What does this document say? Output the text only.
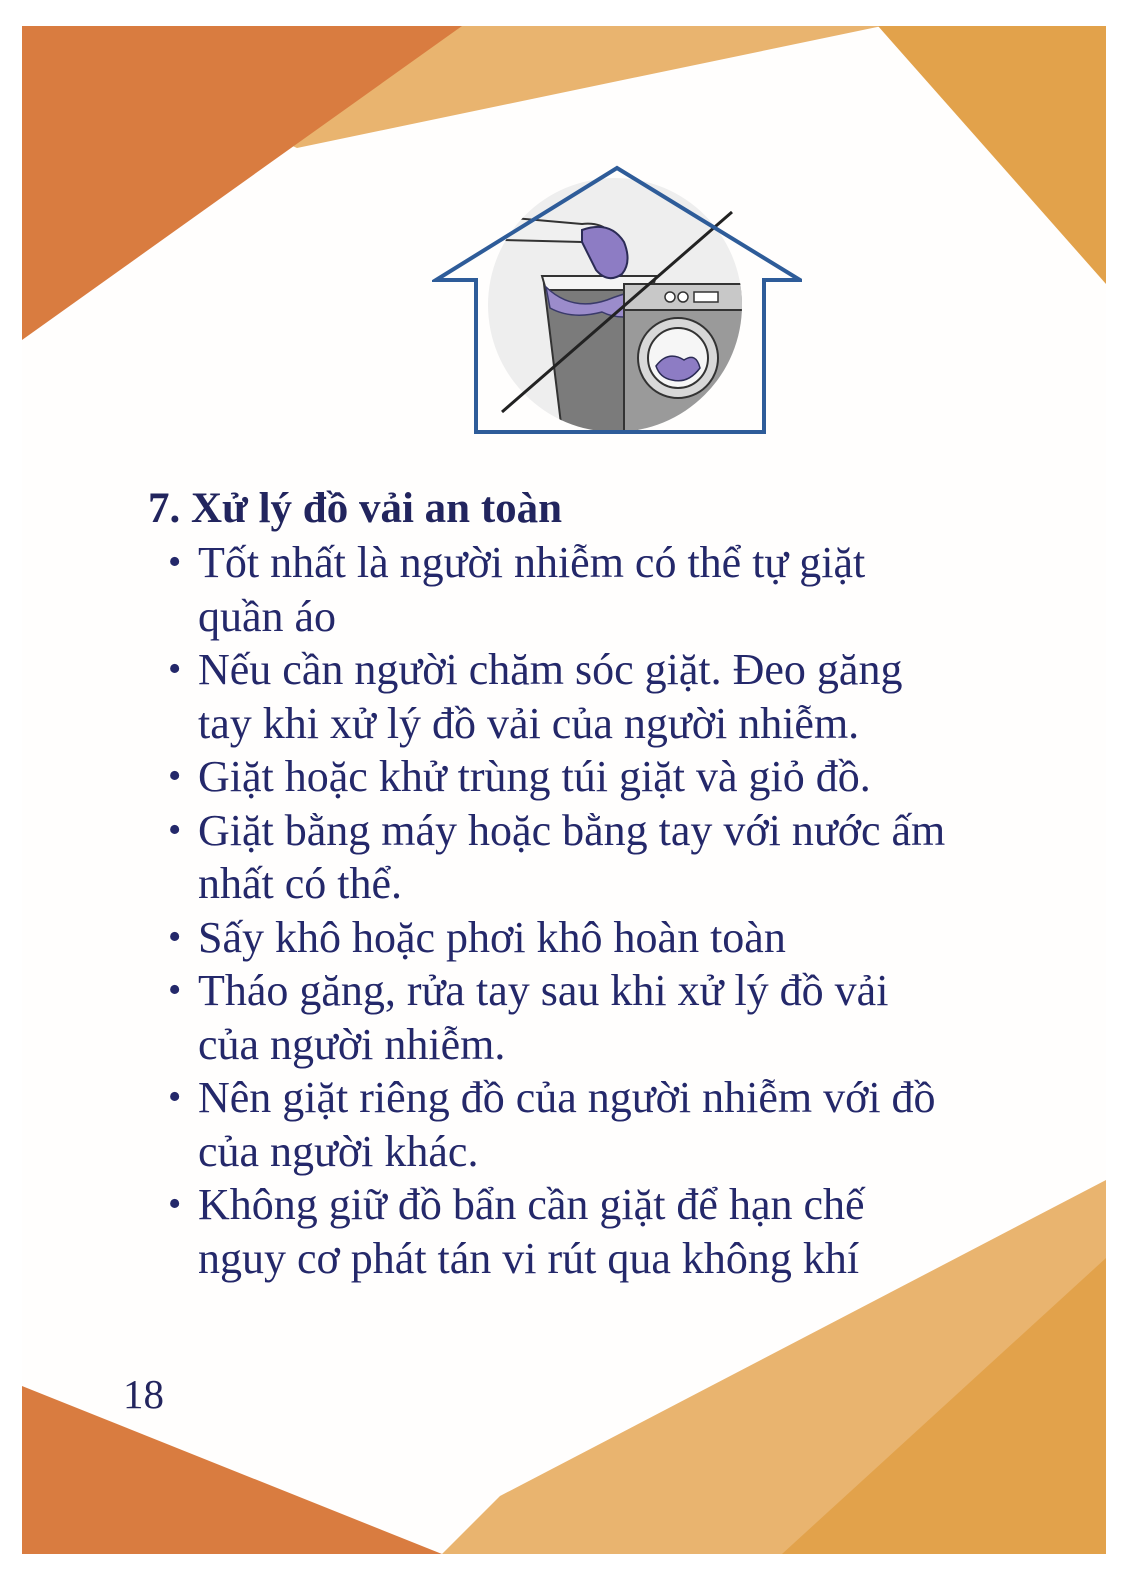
7. Xử lý đồ vải an toàn
• Tốt nhất là người nhiễm có thể tự giặt quần áo
• Nếu cần người chăm sóc giặt. Đeo găng tay khi xử lý đồ vải của người nhiễm.
• Giặt hoặc khử trùng túi giặt và giỏ đồ.
• Giặt bằng máy hoặc bằng tay với nước ấm nhất có thể.
• Sấy khô hoặc phơi khô hoàn toàn
• Tháo găng, rửa tay sau khi xử lý đồ vải của người nhiễm.
• Nên giặt riêng đồ của người nhiễm với đồ của người khác.
• Không giữ đồ bẩn cần giặt để hạn chế nguy cơ phát tán vi rút qua không khí
18
